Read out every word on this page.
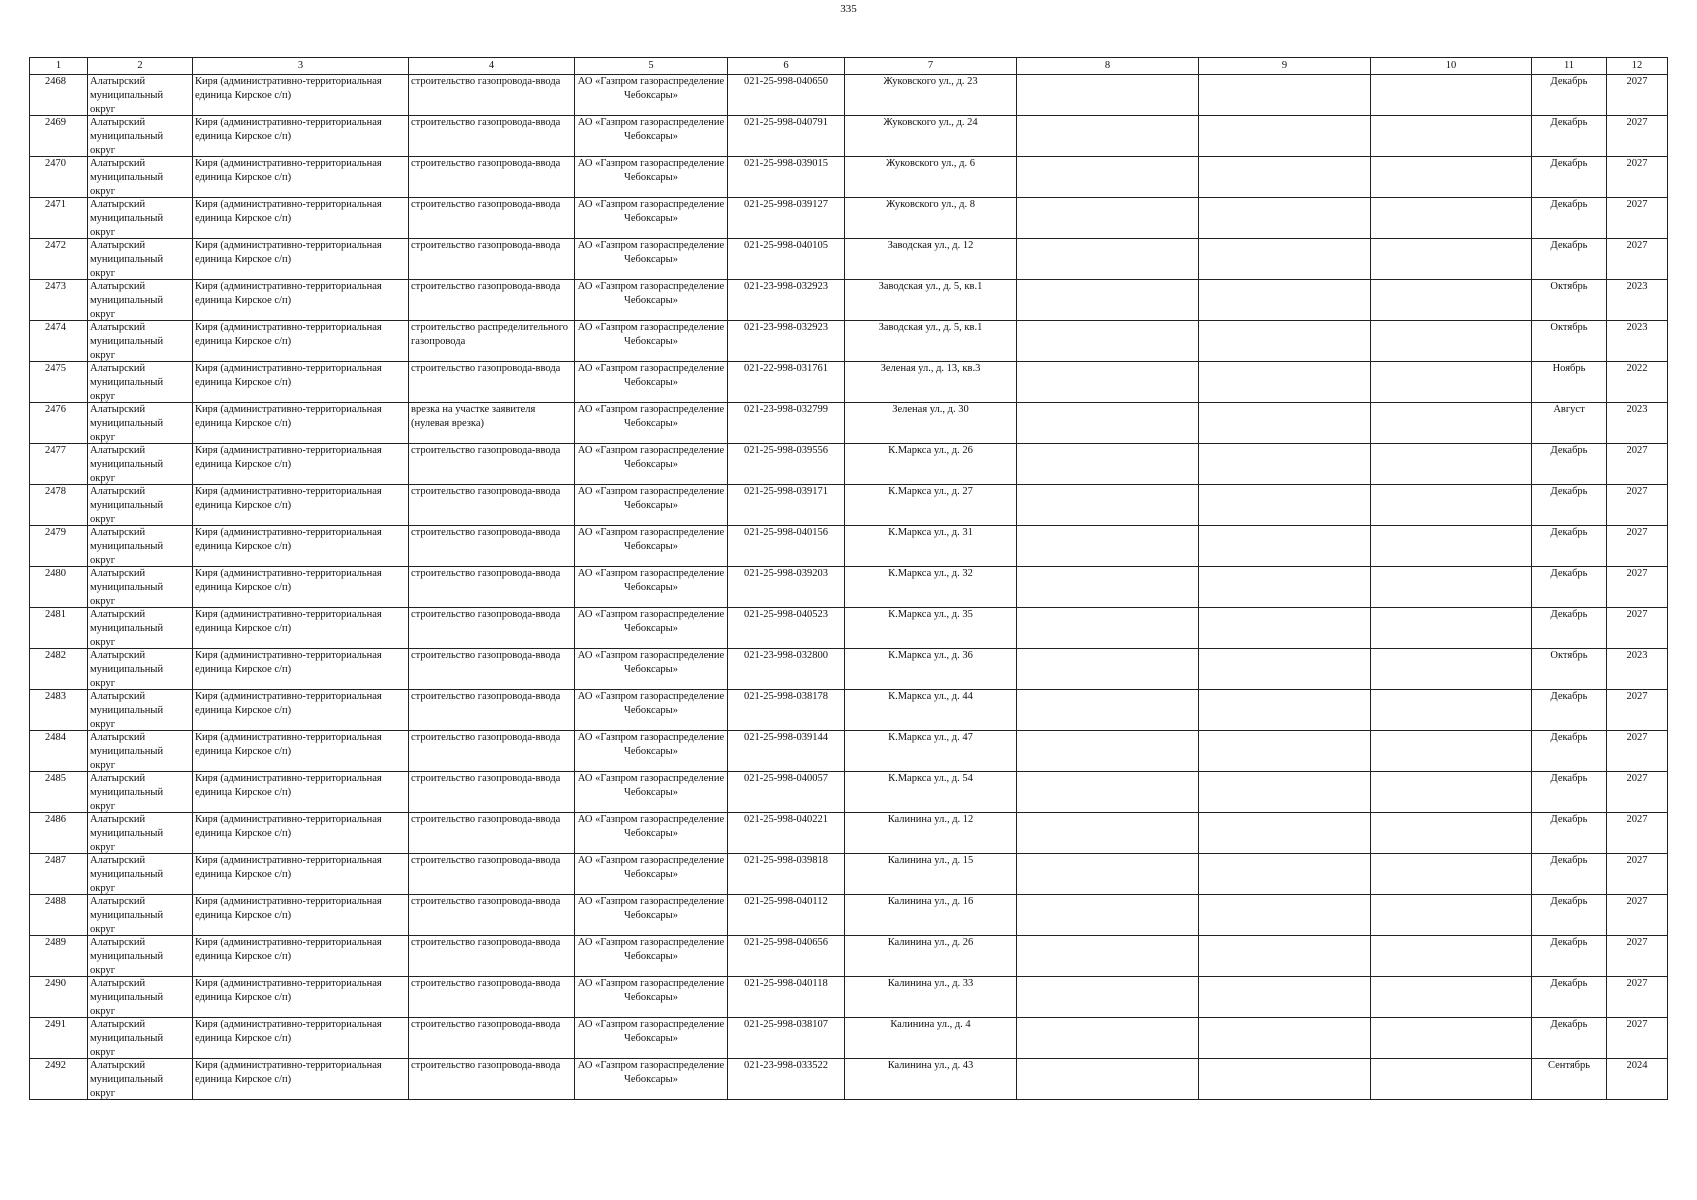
335
1	2	3	4	5	6	7	8	9	10	11	12

2468	Алатырский муниципальный округ	Киря (административно-территориальная единица Кирское с/п)	строительство газопровода-ввода	АО «Газпром газораспределение Чебоксары»	021-25-998-040650	Жуковского ул., д. 23				Декабрь	2027

2469	Алатырский муниципальный округ	Киря (административно-территориальная единица Кирское с/п)	строительство газопровода-ввода	АО «Газпром газораспределение Чебоксары»	021-25-998-040791	Жуковского ул., д. 24				Декабрь	2027

2470	Алатырский муниципальный округ	Киря (административно-территориальная единица Кирское с/п)	строительство газопровода-ввода	АО «Газпром газораспределение Чебоксары»	021-25-998-039015	Жуковского ул., д. 6				Декабрь	2027

2471	Алатырский муниципальный округ	Киря (административно-территориальная единица Кирское с/п)	строительство газопровода-ввода	АО «Газпром газораспределение Чебоксары»	021-25-998-039127	Жуковского ул., д. 8				Декабрь	2027

2472	Алатырский муниципальный округ	Киря (административно-территориальная единица Кирское с/п)	строительство газопровода-ввода	АО «Газпром газораспределение Чебоксары»	021-25-998-040105	Заводская ул., д. 12				Декабрь	2027

2473	Алатырский муниципальный округ	Киря (административно-территориальная единица Кирское с/п)	строительство газопровода-ввода	АО «Газпром газораспределение Чебоксары»	021-23-998-032923	Заводская ул., д. 5, кв.1				Октябрь	2023

2474	Алатырский муниципальный округ	Киря (административно-территориальная единица Кирское с/п)	строительство распределительного газопровода	АО «Газпром газораспределение Чебоксары»	021-23-998-032923	Заводская ул., д. 5, кв.1				Октябрь	2023

2475	Алатырский муниципальный округ	Киря (административно-территориальная единица Кирское с/п)	строительство газопровода-ввода	АО «Газпром газораспределение Чебоксары»	021-22-998-031761	Зеленая ул., д. 13, кв.3				Ноябрь	2022

2476	Алатырский муниципальный округ	Киря (административно-территориальная единица Кирское с/п)	врезка на участке заявителя (нулевая врезка)	АО «Газпром газораспределение Чебоксары»	021-23-998-032799	Зеленая ул., д. 30				Август	2023

2477	Алатырский муниципальный округ	Киря (административно-территориальная единица Кирское с/п)	строительство газопровода-ввода	АО «Газпром газораспределение Чебоксары»	021-25-998-039556	К.Маркса ул., д. 26				Декабрь	2027

2478	Алатырский муниципальный округ	Киря (административно-территориальная единица Кирское с/п)	строительство газопровода-ввода	АО «Газпром газораспределение Чебоксары»	021-25-998-039171	К.Маркса ул., д. 27				Декабрь	2027

2479	Алатырский муниципальный округ	Киря (административно-территориальная единица Кирское с/п)	строительство газопровода-ввода	АО «Газпром газораспределение Чебоксары»	021-25-998-040156	К.Маркса ул., д. 31				Декабрь	2027

2480	Алатырский муниципальный округ	Киря (административно-территориальная единица Кирское с/п)	строительство газопровода-ввода	АО «Газпром газораспределение Чебоксары»	021-25-998-039203	К.Маркса ул., д. 32				Декабрь	2027

2481	Алатырский муниципальный округ	Киря (административно-территориальная единица Кирское с/п)	строительство газопровода-ввода	АО «Газпром газораспределение Чебоксары»	021-25-998-040523	К.Маркса ул., д. 35				Декабрь	2027

2482	Алатырский муниципальный округ	Киря (административно-территориальная единица Кирское с/п)	строительство газопровода-ввода	АО «Газпром газораспределение Чебоксары»	021-23-998-032800	К.Маркса ул., д. 36				Октябрь	2023

2483	Алатырский муниципальный округ	Киря (административно-территориальная единица Кирское с/п)	строительство газопровода-ввода	АО «Газпром газораспределение Чебоксары»	021-25-998-038178	К.Маркса ул., д. 44				Декабрь	2027

2484	Алатырский муниципальный округ	Киря (административно-территориальная единица Кирское с/п)	строительство газопровода-ввода	АО «Газпром газораспределение Чебоксары»	021-25-998-039144	К.Маркса ул., д. 47				Декабрь	2027

2485	Алатырский муниципальный округ	Киря (административно-территориальная единица Кирское с/п)	строительство газопровода-ввода	АО «Газпром газораспределение Чебоксары»	021-25-998-040057	К.Маркса ул., д. 54				Декабрь	2027

2486	Алатырский муниципальный округ	Киря (административно-территориальная единица Кирское с/п)	строительство газопровода-ввода	АО «Газпром газораспределение Чебоксары»	021-25-998-040221	Калинина ул., д. 12				Декабрь	2027

2487	Алатырский муниципальный округ	Киря (административно-территориальная единица Кирское с/п)	строительство газопровода-ввода	АО «Газпром газораспределение Чебоксары»	021-25-998-039818	Калинина ул., д. 15				Декабрь	2027

2488	Алатырский муниципальный округ	Киря (административно-территориальная единица Кирское с/п)	строительство газопровода-ввода	АО «Газпром газораспределение Чебоксары»	021-25-998-040112	Калинина ул., д. 16				Декабрь	2027

2489	Алатырский муниципальный округ	Киря (административно-территориальная единица Кирское с/п)	строительство газопровода-ввода	АО «Газпром газораспределение Чебоксары»	021-25-998-040656	Калинина ул., д. 26				Декабрь	2027

2490	Алатырский муниципальный округ	Киря (административно-территориальная единица Кирское с/п)	строительство газопровода-ввода	АО «Газпром газораспределение Чебоксары»	021-25-998-040118	Калинина ул., д. 33				Декабрь	2027

2491	Алатырский муниципальный округ	Киря (административно-территориальная единица Кирское с/п)	строительство газопровода-ввода	АО «Газпром газораспределение Чебоксары»	021-25-998-038107	Калинина ул., д. 4				Декабрь	2027

2492	Алатырский муниципальный округ	Киря (административно-территориальная единица Кирское с/п)	строительство газопровода-ввода	АО «Газпром газораспределение Чебоксары»	021-23-998-033522	Калинина ул., д. 43				Сентябрь	2024
